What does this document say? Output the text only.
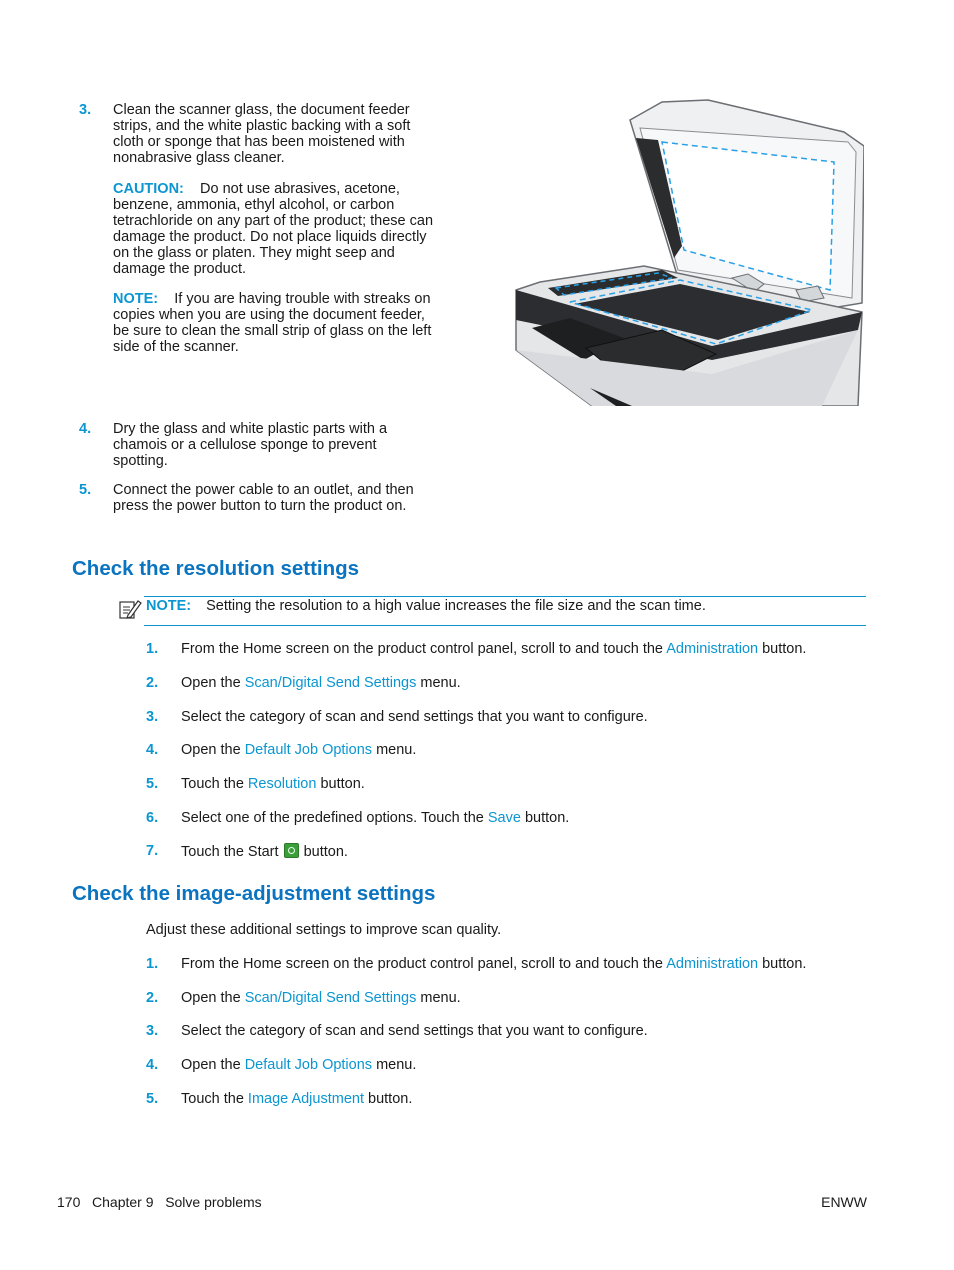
3. Clean the scanner glass, the document feeder strips, and the white plastic backing with a soft cloth or sponge that has been moistened with nonabrasive glass cleaner.

CAUTION: Do not use abrasives, acetone, benzene, ammonia, ethyl alcohol, or carbon tetrachloride on any part of the product; these can damage the product. Do not place liquids directly on the glass or platen. They might seep and damage the product.

NOTE: If you are having trouble with streaks on copies when you are using the document feeder, be sure to clean the small strip of glass on the left side of the scanner.

4. Dry the glass and white plastic parts with a chamois or a cellulose sponge to prevent spotting.

5. Connect the power cable to an outlet, and then press the power button to turn the product on.

Check the resolution settings
NOTE: Setting the resolution to a high value increases the file size and the scan time.
1. From the Home screen on the product control panel, scroll to and touch the Administration button.
2. Open the Scan/Digital Send Settings menu.
3. Select the category of scan and send settings that you want to configure.
4. Open the Default Job Options menu.
5. Touch the Resolution button.
6. Select one of the predefined options. Touch the Save button.
7. Touch the Start  button.
Check the image-adjustment settings

Adjust these additional settings to improve scan quality.

1. From the Home screen on the product control panel, scroll to and touch the Administration button.
2. Open the Scan/Digital Send Settings menu.
3. Select the category of scan and send settings that you want to configure.
4. Open the Default Job Options menu.
5. Touch the Image Adjustment button.
170 Chapter 9 Solve problems	ENWW
